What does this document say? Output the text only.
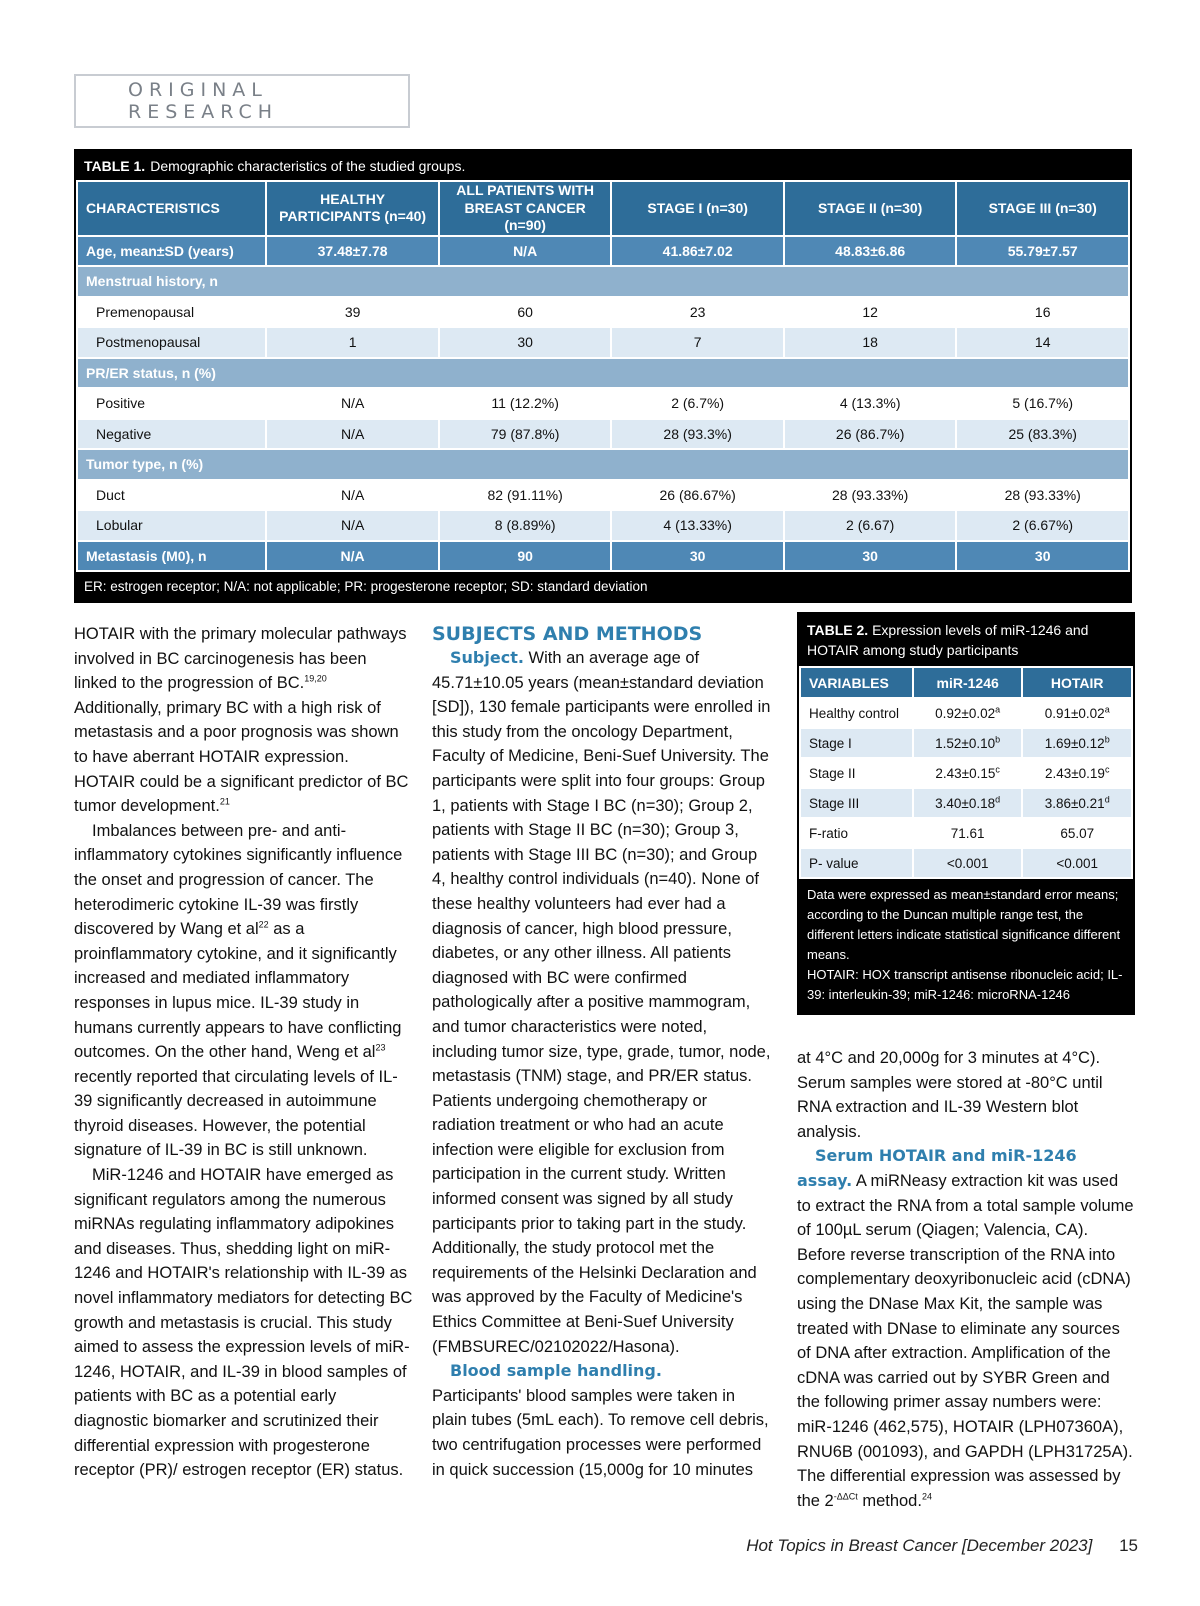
ORIGINAL RESEARCH
TABLE 1. Demographic characteristics of the studied groups.
CHARACTERISTICS	HEALTHY PARTICIPANTS (n=40)	ALL PATIENTS WITH BREAST CANCER (n=90)	STAGE I (n=30)	STAGE II (n=30)	STAGE III (n=30)
Age, mean±SD (years)	37.48±7.78	N/A	41.86±7.02	48.83±6.86	55.79±7.57
Menstrual history, n					
Premenopausal	39	60	23	12	16
Postmenopausal	1	30	7	18	14
PR/ER status, n (%)					
Positive	N/A	11 (12.2%)	2 (6.7%)	4 (13.3%)	5 (16.7%)
Negative	N/A	79 (87.8%)	28 (93.3%)	26 (86.7%)	25 (83.3%)
Tumor type, n (%)					
Duct	N/A	82 (91.11%)	26 (86.67%)	28 (93.33%)	28 (93.33%)
Lobular	N/A	8 (8.89%)	4 (13.33%)	2 (6.67)	2 (6.67%)
Metastasis (M0), n	N/A	90	30	30	30
ER: estrogen receptor; N/A: not applicable; PR: progesterone receptor; SD: standard deviation

HOTAIR with the primary molecular pathways involved in BC carcinogenesis has been linked to the progression of BC.$^{19,20}$ Additionally, primary BC with a high risk of metastasis and a poor prognosis was shown to have aberrant HOTAIR expression. HOTAIR could be a significant predictor of BC tumor development.$^{21}$

Imbalances between pre- and anti-inflammatory cytokines significantly influence the onset and progression of cancer. The heterodimeric cytokine IL-39 was firstly discovered by Wang et $al^{22}$ as a proinflammatory cytokine, and it significantly increased and mediated inflammatory responses in lupus mice. IL-39 study in humans currently appears to have conflicting outcomes. On the other hand, Weng et $al^{23}$ recently reported that circulating levels of IL-39 significantly decreased in autoimmune thyroid diseases. However, the potential signature of IL-39 in BC is still unknown.

MiR-1246 and HOTAIR have emerged as significant regulators among the numerous miRNAs regulating inflammatory adipokines and diseases. Thus, shedding light on miR-1246 and HOTAIR's relationship with IL-39 as novel inflammatory mediators for detecting BC growth and metastasis is crucial. This study aimed to assess the expression levels of miR-1246, HOTAIR, and IL-39 in blood samples of patients with BC as a potential early diagnostic biomarker and scrutinized their differential expression with progesterone receptor (PR)/ estrogen receptor (ER) status.

SUBJECTS AND METHODS

Subject. With an average age of 45.71±10.05 years (mean±standard deviation [SD]), 130 female participants were enrolled in this study from the oncology Department, Faculty of Medicine, Beni-Suef University. The participants were split into four groups: Group 1, patients with Stage I BC (n=30); Group 2, patients with Stage II BC (n=30); Group 3, patients with Stage III BC (n=30); and Group 4, healthy control individuals (n=40). None of these healthy volunteers had ever had a diagnosis of cancer, high blood pressure, diabetes, or any other illness. All patients diagnosed with BC were confirmed pathologically after a positive mammogram, and tumor characteristics were noted, including tumor size, type, grade, tumor, node, metastasis (TNM) stage, and PR/ER status. Patients undergoing chemotherapy or radiation treatment or who had an acute infection were eligible for exclusion from participation in the current study. Written informed consent was signed by all study participants prior to taking part in the study. Additionally, the study protocol met the requirements of the Helsinki Declaration and was approved by the Faculty of Medicine's Ethics Committee at Beni-Suef University (FMBSUREC/02102022/Hasona).

Blood sample handling.

Participants' blood samples were taken in plain tubes (5mL each). To remove cell debris, two centrifugation processes were performed in quick succession (15,000g for 10 minutes

TABLE 2. Expression levels of miR-1246 and HOTAIR among study participants
VARIABLES	miR-1246	HOTAIR
Healthy control	0.92±0.02$^a$	0.91±0.02$^a$
Stage I	1.52±0.10$^b$	1.69±0.12$^b$
Stage II	2.43±0.15$^c$	2.43±0.19$^c$
Stage III	3.40±0.18$^d$	3.86±0.21$^d$
F-ratio	71.61	65.07
P- value	<0.001	<0.001
Data were expressed as mean±standard error means; according to the Duncan multiple range test, the different letters indicate statistical significance different means.
HOTAIR: HOX transcript antisense ribonucleic acid; IL-39: interleukin-39; miR-1246: microRNA-1246

at 4°C and 20,000g for 3 minutes at 4°C). Serum samples were stored at -80°C until RNA extraction and IL-39 Western blot analysis.

Serum HOTAIR and miR-1246 assay. A miRNeasy extraction kit was used to extract the RNA from a total sample volume of 100µL serum (Qiagen; Valencia, CA). Before reverse transcription of the RNA into complementary deoxyribonucleic acid (cDNA) using the DNase Max Kit, the sample was treated with DNase to eliminate any sources of DNA after extraction. Amplification of the cDNA was carried out by SYBR Green and the following primer assay numbers were: miR-1246 (462,575), HOTAIR (LPH07360A), RNU6B (001093), and GAPDH (LPH31725A). The differential expression was assessed by the $2^{-\Delta\Delta Ct}$ method.$^{24}$

Hot Topics in Breast Cancer [December 2023] 15
